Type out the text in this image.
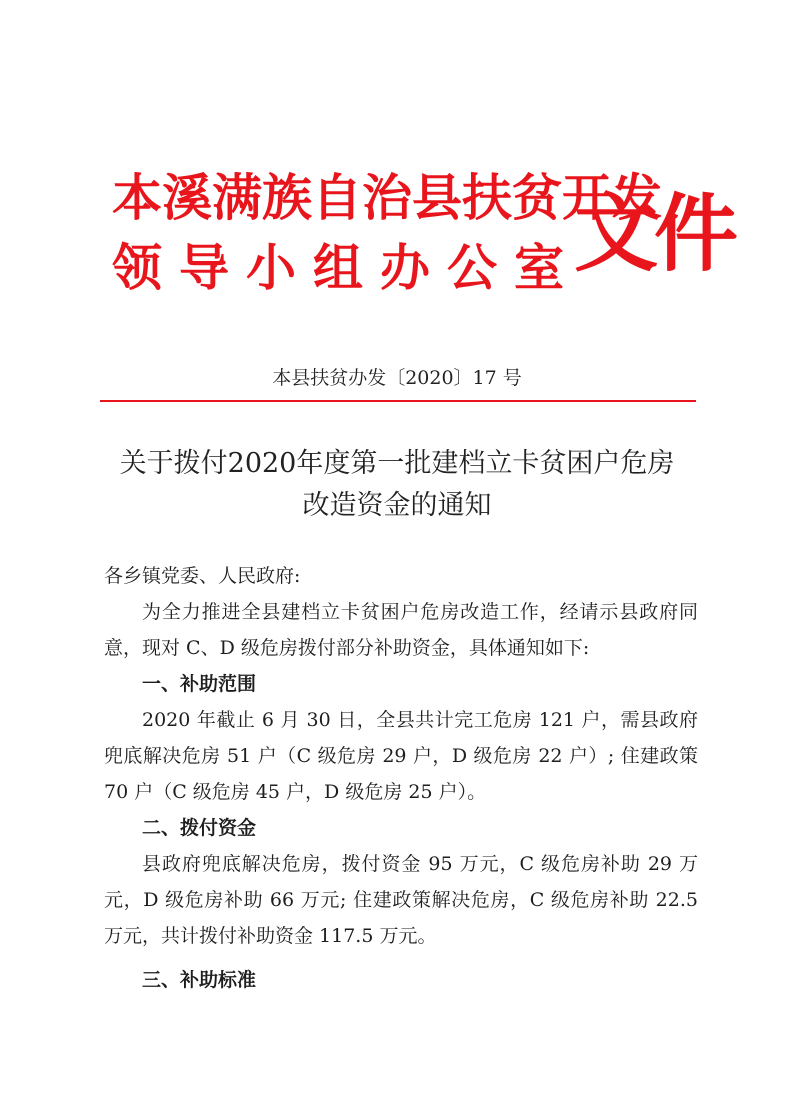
本溪满族自治县扶贫开发
领 导 小 组 办 公 室 文件
本县扶贫办发〔2020〕17 号
关于拨付2020年度第一批建档立卡贫困户危房
改造资金的通知

各乡镇党委、人民政府:

为全力推进全县建档立卡贫困户危房改造工作，经请示县政府同意，现对 C、D 级危房拨付部分补助资金，具体通知如下:

一、补助范围

2020 年截止 6 月 30 日，全县共计完工危房 121 户，需县政府兜底解决危房 51 户（C 级危房 29 户，D 级危房 22 户）; 住建政策 70 户（C 级危房 45 户，D 级危房 25 户）。

二、拨付资金

县政府兜底解决危房，拨付资金 95 万元，C 级危房补助 29 万元，D 级危房补助 66 万元; 住建政策解决危房，C 级危房补助 22.5 万元，共计拨付补助资金 117.5 万元。

三、补助标准
